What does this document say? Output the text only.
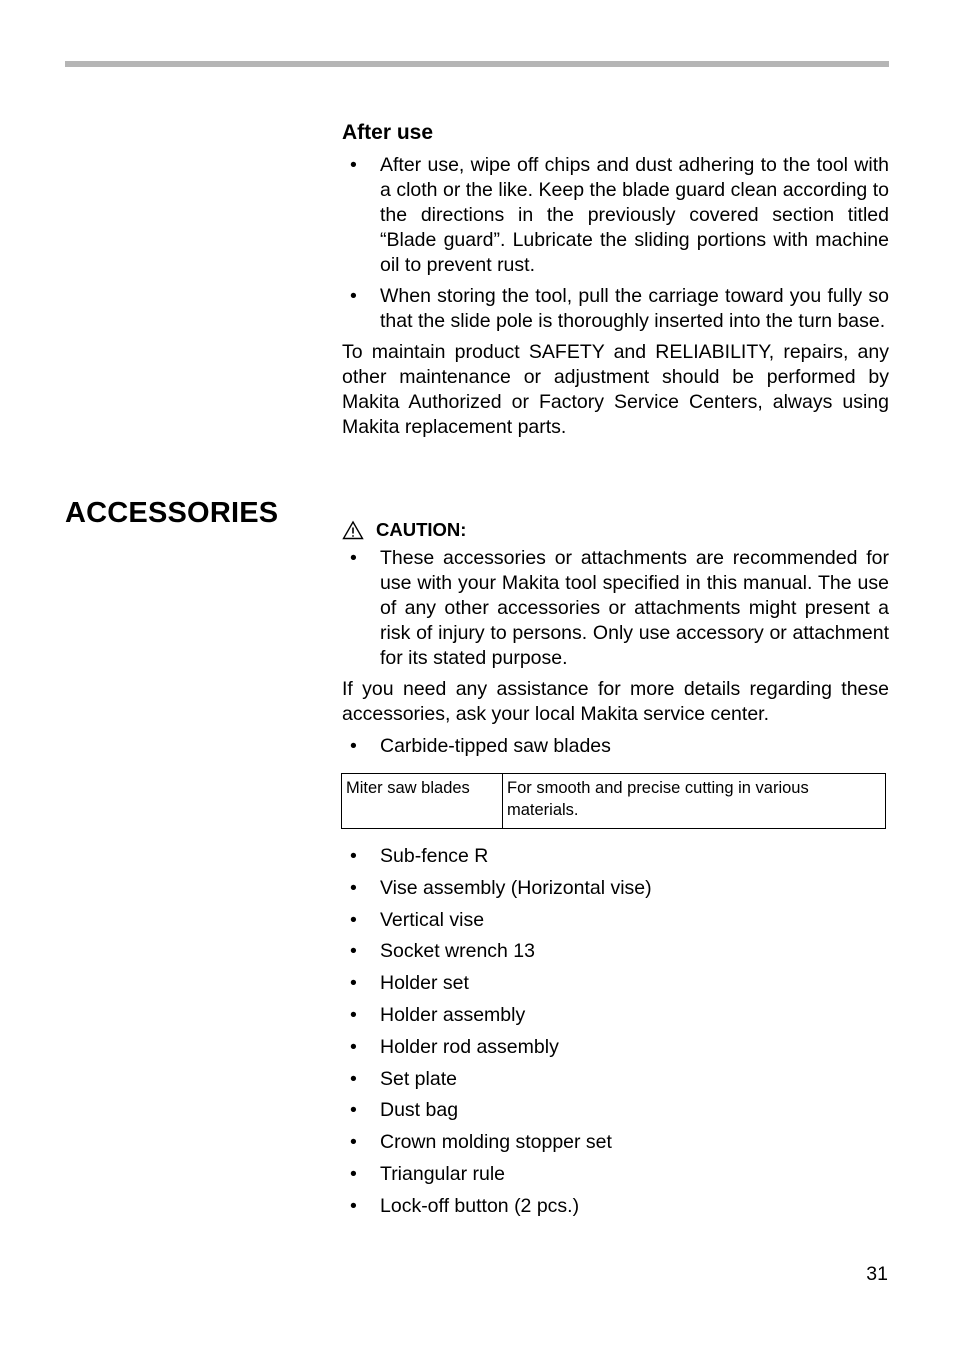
After use
• After use, wipe off chips and dust adhering to the tool with a cloth or the like. Keep the blade guard clean according to the directions in the previously covered section titled “Blade guard”. Lubricate the sliding portions with machine oil to prevent rust.
• When storing the tool, pull the carriage toward you fully so that the slide pole is thoroughly inserted into the turn base.
To maintain product SAFETY and RELIABILITY, repairs, any other maintenance or adjustment should be performed by Makita Authorized or Factory Service Centers, always using Makita replacement parts.
ACCESSORIES
CAUTION:
• These accessories or attachments are recommended for use with your Makita tool specified in this manual. The use of any other accessories or attachments might present a risk of injury to persons. Only use accessory or attachment for its stated purpose.
If you need any assistance for more details regarding these accessories, ask your local Makita service center.
• Carbide-tipped saw blades
Miter saw blades	For smooth and precise cutting in various materials.
• Sub-fence R
• Vise assembly (Horizontal vise)
• Vertical vise
• Socket wrench 13
• Holder set
• Holder assembly
• Holder rod assembly
• Set plate
• Dust bag
• Crown molding stopper set
• Triangular rule
• Lock-off button (2 pcs.)
31
